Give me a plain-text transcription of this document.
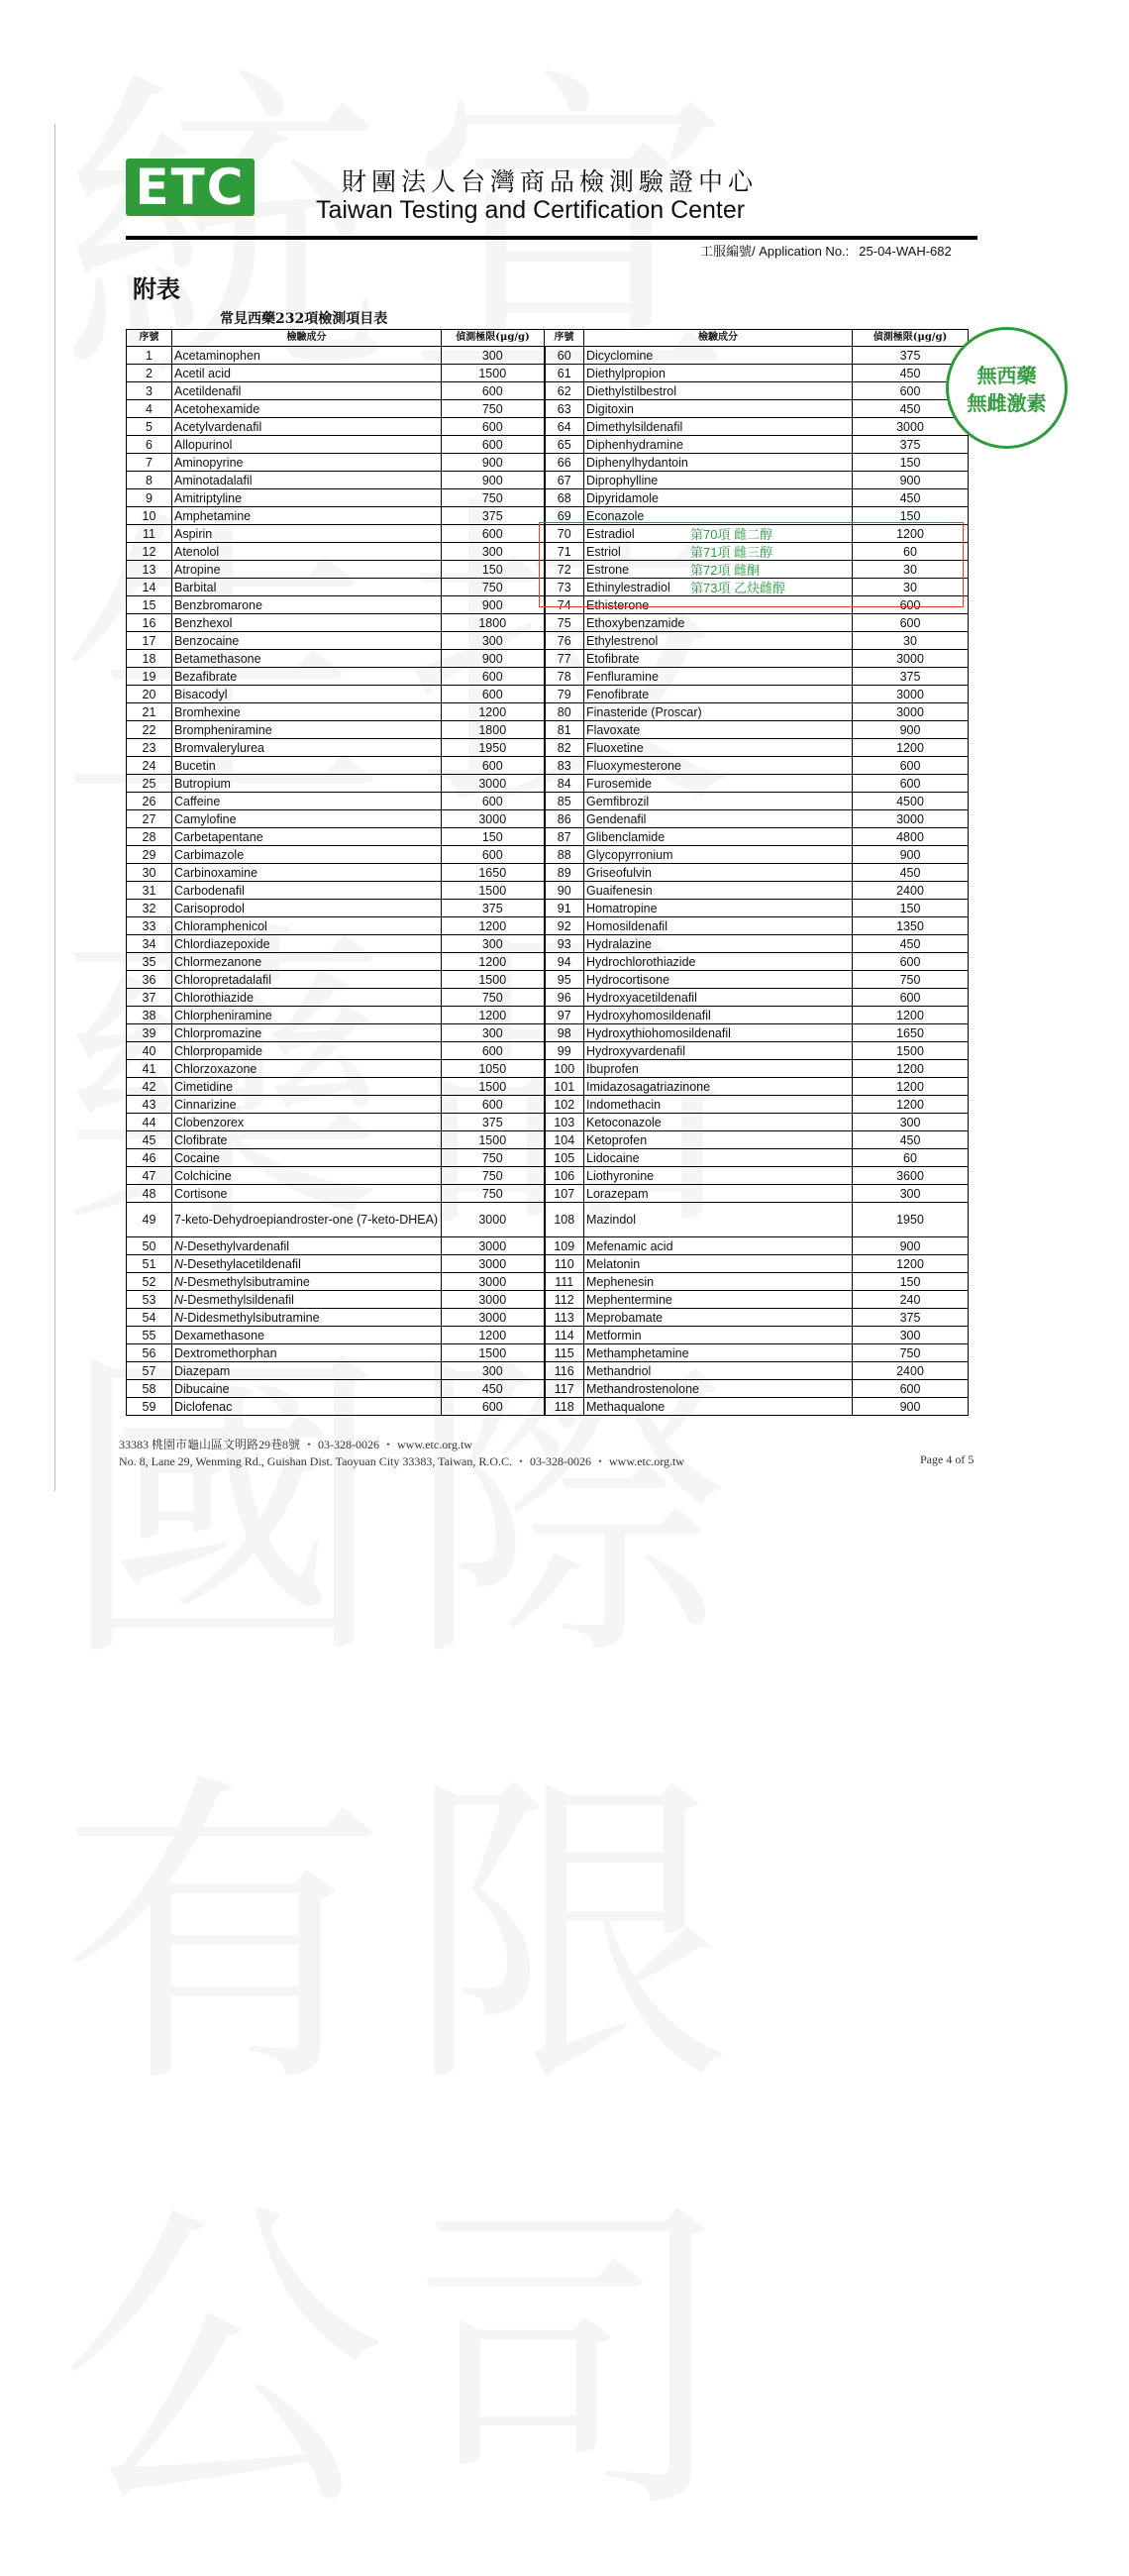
ETC	財團法人台灣商品檢測驗證中心
Taiwan Testing and Certification Center
工服編號/ Application No.: 25-04-WAH-682
附表
常見西藥232項檢測項目表
序號	檢驗成分	偵測極限(μg/g)	序號	檢驗成分	偵測極限(μg/g)
1	Acetaminophen	300	60	Dicyclomine	375
2	Acetil acid	1500	61	Diethylpropion	450
3	Acetildenafil	600	62	Diethylstilbestrol	600
4	Acetohexamide	750	63	Digitoxin	450
5	Acetylvardenafil	600	64	Dimethylsildenafil	3000
6	Allopurinol	600	65	Diphenhydramine	375
7	Aminopyrine	900	66	Diphenylhydantoin	150
8	Aminotadalafil	900	67	Diprophylline	900
9	Amitriptyline	750	68	Dipyridamole	450
10	Amphetamine	375	69	Econazole	150
11	Aspirin	600	70	Estradiol	1200
12	Atenolol	300	71	Estriol	60
13	Atropine	150	72	Estrone	30
14	Barbital	750	73	Ethinylestradiol	30
15	Benzbromarone	900	74	Ethisterone	600
16	Benzhexol	1800	75	Ethoxybenzamide	600
17	Benzocaine	300	76	Ethylestrenol	30
18	Betamethasone	900	77	Etofibrate	3000
19	Bezafibrate	600	78	Fenfluramine	375
20	Bisacodyl	600	79	Fenofibrate	3000
21	Bromhexine	1200	80	Finasteride (Proscar)	3000
22	Brompheniramine	1800	81	Flavoxate	900
23	Bromvalerylurea	1950	82	Fluoxetine	1200
24	Bucetin	600	83	Fluoxymesterone	600
25	Butropium	3000	84	Furosemide	600
26	Caffeine	600	85	Gemfibrozil	4500
27	Camylofine	3000	86	Gendenafil	3000
28	Carbetapentane	150	87	Glibenclamide	4800
29	Carbimazole	600	88	Glycopyrronium	900
30	Carbinoxamine	1650	89	Griseofulvin	450
31	Carbodenafil	1500	90	Guaifenesin	2400
32	Carisoprodol	375	91	Homatropine	150
33	Chloramphenicol	1200	92	Homosildenafil	1350
34	Chlordiazepoxide	300	93	Hydralazine	450
35	Chlormezanone	1200	94	Hydrochlorothiazide	600
36	Chloropretadalafil	1500	95	Hydrocortisone	750
37	Chlorothiazide	750	96	Hydroxyacetildenafil	600
38	Chlorpheniramine	1200	97	Hydroxyhomosildenafil	1200
39	Chlorpromazine	300	98	Hydroxythiohomosildenafil	1650
40	Chlorpropamide	600	99	Hydroxyvardenafil	1500
41	Chlorzoxazone	1050	100	Ibuprofen	1200
42	Cimetidine	1500	101	Imidazosagatriazinone	1200
43	Cinnarizine	600	102	Indomethacin	1200
44	Clobenzorex	375	103	Ketoconazole	300
45	Clofibrate	1500	104	Ketoprofen	450
46	Cocaine	750	105	Lidocaine	60
47	Colchicine	750	106	Liothyronine	3600
48	Cortisone	750	107	Lorazepam	300
49	7-keto-Dehydroepiandroster-one (7-keto-DHEA)	3000	108	Mazindol	1950
50	N-Desethylvardenafil	3000	109	Mefenamic acid	900
51	N-Desethylacetildenafil	3000	110	Melatonin	1200
52	N-Desmethylsibutramine	3000	111	Mephenesin	150
53	N-Desmethylsildenafil	3000	112	Mephentermine	240
54	N-Didesmethylsibutramine	3000	113	Meprobamate	375
55	Dexamethasone	1200	114	Metformin	300
56	Dextromethorphan	1500	115	Methamphetamine	750
57	Diazepam	300	116	Methandriol	2400
58	Dibucaine	450	117	Methandrostenolone	600
59	Diclofenac	600	118	Methaqualone	900
第70項 雌二醇
第71項 雌三醇
第72項 雌酮
第73項 乙炔雌醇
無西藥
無雌激素
33383 桃園市龜山區文明路29巷8號 ・ 03-328-0026 ・ www.etc.org.tw
No. 8, Lane 29, Wenming Rd., Guishan Dist. Taoyuan City 33383, Taiwan, R.O.C. ・ 03-328-0026 ・ www.etc.org.tw	Page 4 of 5
